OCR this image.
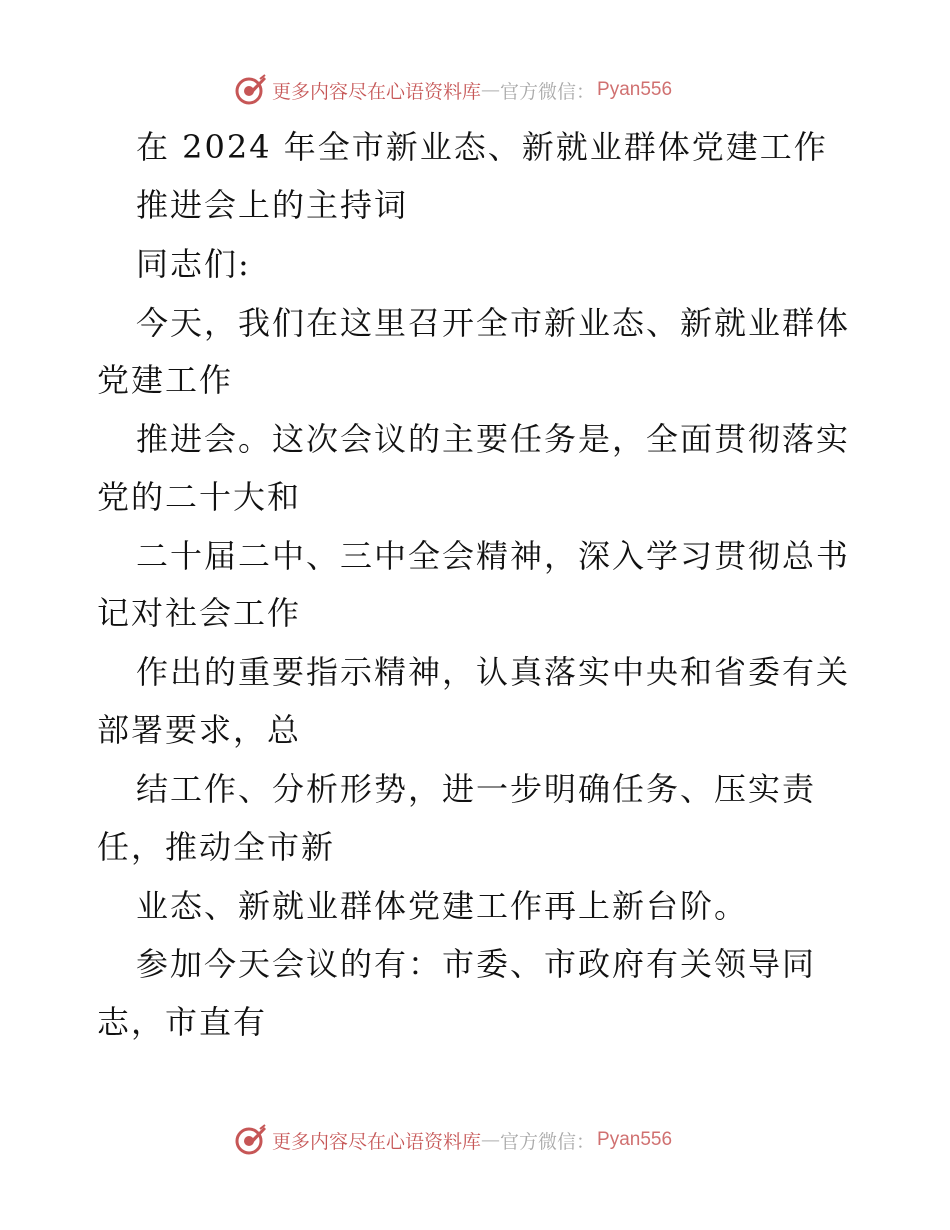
更多内容尽在心语资料库 — 官方微信： Pyan556
在 2024 年全市新业态、新就业群体党建工作
推进会上的主持词
同志们:
今天，我们在这里召开全市新业态、新就业群体
党建工作
推进会。这次会议的主要任务是，全面贯彻落实
党的二十大和
二十届二中、三中全会精神，深入学习贯彻总书
记对社会工作
作出的重要指示精神，认真落实中央和省委有关
部署要求，总
结工作、分析形势，进一步明确任务、压实责
任，推动全市新
业态、新就业群体党建工作再上新台阶。
参加今天会议的有：市委、市政府有关领导同
志，市直有
更多内容尽在心语资料库 — 官方微信： Pyan556
